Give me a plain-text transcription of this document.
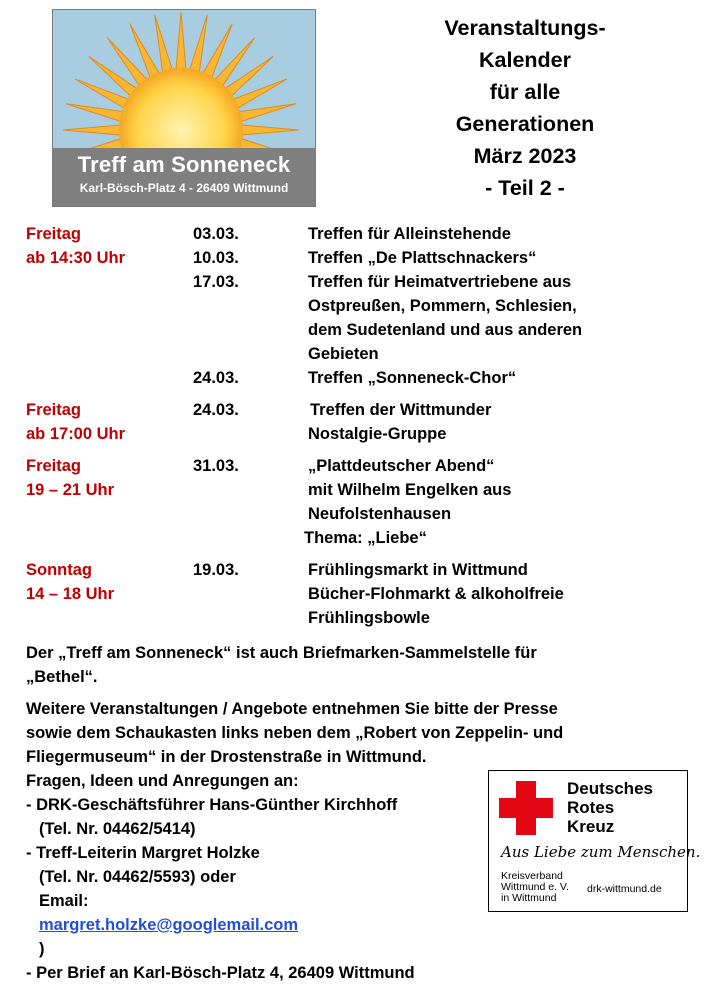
Treff am Sonneneck
Karl-Bösch-Platz 4 - 26409 Wittmund
Veranstaltungs-
Kalender
für alle
Generationen
März 2023
- Teil 2 -
Freitag	03.03.	Treffen für Alleinstehende
ab 14:30 Uhr	10.03.	Treffen „De Plattschnackers“
17.03.	Treffen für Heimatvertriebene aus
Ostpreußen, Pommern, Schlesien,
dem Sudetenland und aus anderen
Gebieten
24.03.	Treffen „Sonneneck-Chor“
Freitag	24.03.	Treffen der Wittmunder
ab 17:00 Uhr	Nostalgie-Gruppe
Freitag	31.03.	„Plattdeutscher Abend“
19 – 21 Uhr	mit Wilhelm Engelken aus
Neufolstenhausen
Thema: „Liebe“
Sonntag	19.03.	Frühlingsmarkt in Wittmund
14 – 18 Uhr	Bücher-Flohmarkt & alkoholfreie
Frühlingsbowle
Der „Treff am Sonneneck“ ist auch Briefmarken-Sammelstelle für
„Bethel“.
Weitere Veranstaltungen / Angebote entnehmen Sie bitte der Presse
sowie dem Schaukasten links neben dem „Robert von Zeppelin- und
Fliegermuseum“ in der Drostenstraße in Wittmund.
Fragen, Ideen und Anregungen an:
- DRK-Geschäftsführer Hans-Günther Kirchhoff
(Tel. Nr. 04462/5414)
- Treff-Leiterin Margret Holzke
(Tel. Nr. 04462/5593) oder
Email:
margret.holzke@googlemail.com
)
- Per Brief an Karl-Bösch-Platz 4, 26409 Wittmund
Deutsches
Rotes
Kreuz
Aus Liebe zum Menschen.
Kreisverband
Wittmund e. V.
in Wittmund
drk-wittmund.de
